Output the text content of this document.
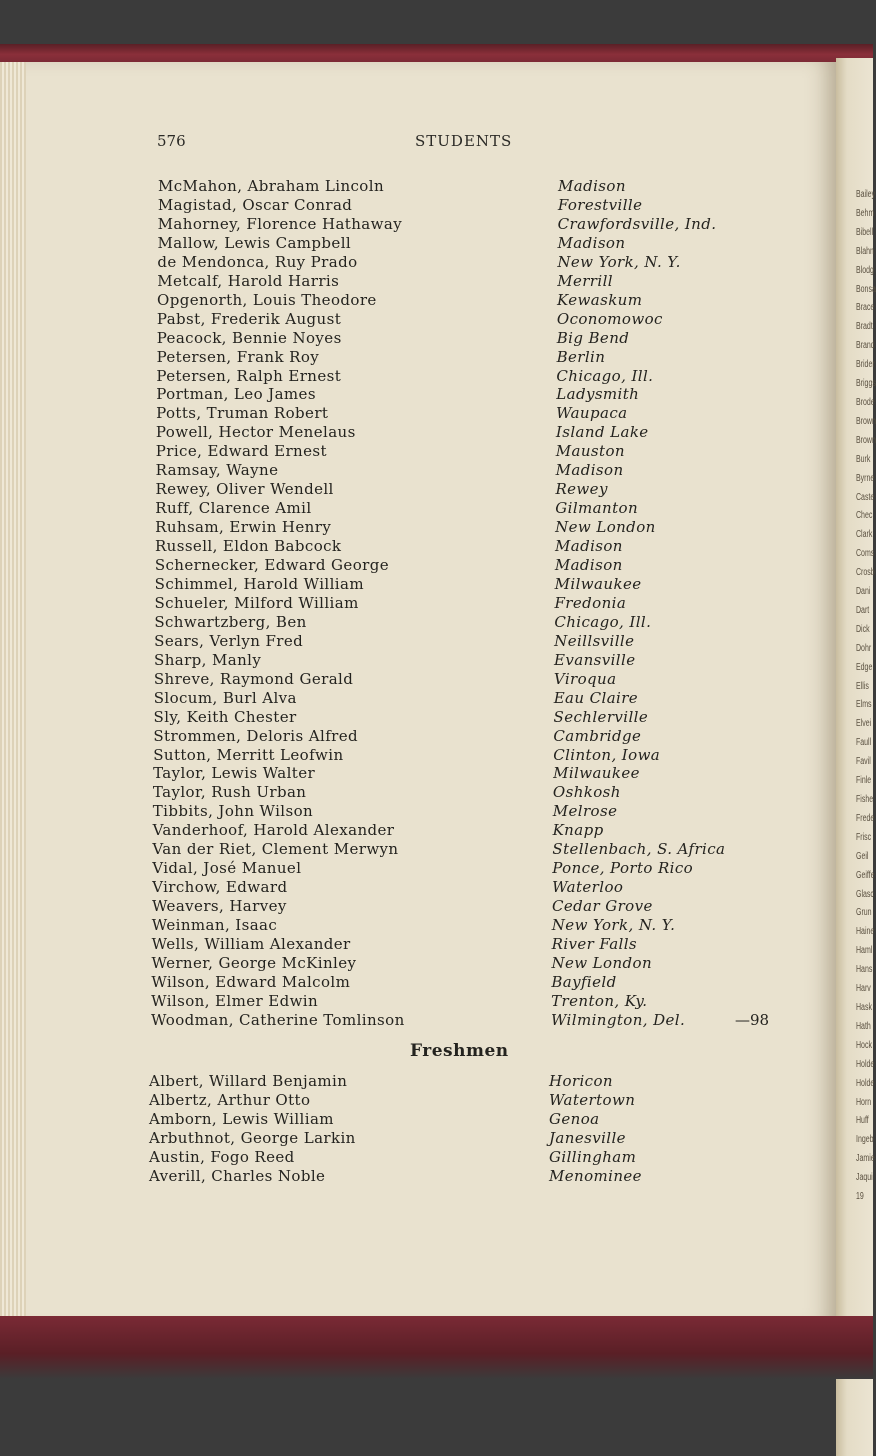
Bailey
Behm
Bibell
Blahn
Blodg
Bonsa
Brace
Bradt
Brand
Brider
Briggs
Brode
Brown
Brown
Burk
Byrne
Caste
Chec
Clark
Coms
Crosb
Dani
Dart
Dick
Dohr
Edge
Ellis
Elms
Elvei
Faull
Favil
Finle
Fishe
Frede
Frisc
Geil
Geiffe
Glasc
Grun
Haine
Haml
Hans
Harv
Hask
Hath
Hock
Holde
Holde
Horn
Huff
Ingeb
Jamie
Jaqui
19
576	STUDENTS
McMahon, Abraham Lincoln	Madison
Magistad, Oscar Conrad	Forestville
Mahorney, Florence Hathaway	Crawfordsville, Ind.
Mallow, Lewis Campbell	Madison
de Mendonca, Ruy Prado	New York, N. Y.
Metcalf, Harold Harris	Merrill
Opgenorth, Louis Theodore	Kewaskum
Pabst, Frederik August	Oconomowoc
Peacock, Bennie Noyes	Big Bend
Petersen, Frank Roy	Berlin
Petersen, Ralph Ernest	Chicago, Ill.
Portman, Leo James	Ladysmith
Potts, Truman Robert	Waupaca
Powell, Hector Menelaus	Island Lake
Price, Edward Ernest	Mauston
Ramsay, Wayne	Madison
Rewey, Oliver Wendell	Rewey
Ruff, Clarence Amil	Gilmanton
Ruhsam, Erwin Henry	New London
Russell, Eldon Babcock	Madison
Schernecker, Edward George	Madison
Schimmel, Harold William	Milwaukee
Schueler, Milford William	Fredonia
Schwartzberg, Ben	Chicago, Ill.
Sears, Verlyn Fred	Neillsville
Sharp, Manly	Evansville
Shreve, Raymond Gerald	Viroqua
Slocum, Burl Alva	Eau Claire
Sly, Keith Chester	Sechlerville
Strommen, Deloris Alfred	Cambridge
Sutton, Merritt Leofwin	Clinton, Iowa
Taylor, Lewis Walter	Milwaukee
Taylor, Rush Urban	Oshkosh
Tibbits, John Wilson	Melrose
Vanderhoof, Harold Alexander	Knapp
Van der Riet, Clement Merwyn	Stellenbach, S. Africa
Vidal, José Manuel	Ponce, Porto Rico
Virchow, Edward	Waterloo
Weavers, Harvey	Cedar Grove
Weinman, Isaac	New York, N. Y.
Wells, William Alexander	River Falls
Werner, George McKinley	New London
Wilson, Edward Malcolm	Bayfield
Wilson, Elmer Edwin	Trenton, Ky.
Woodman, Catherine Tomlinson	Wilmington, Del.	—98
Freshmen
Albert, Willard Benjamin	Horicon
Albertz, Arthur Otto	Watertown
Amborn, Lewis William	Genoa
Arbuthnot, George Larkin	Janesville
Austin, Fogo Reed	Gillingham
Averill, Charles Noble	Menominee
